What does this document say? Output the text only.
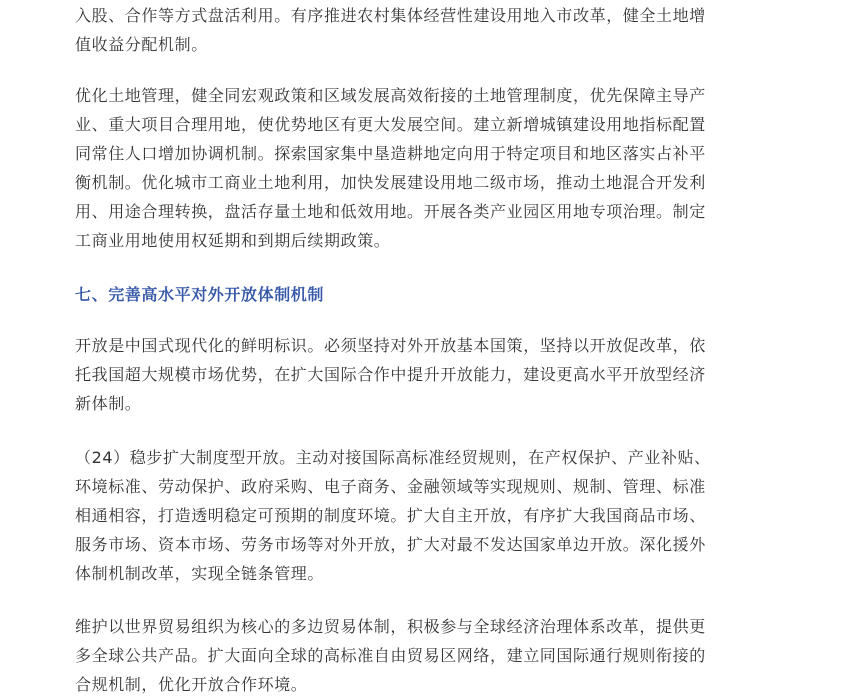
入股、合作等方式盘活利用。有序推进农村集体经营性建设用地入市改革，健全土地增
值收益分配机制。
优化土地管理，健全同宏观政策和区域发展高效衔接的土地管理制度，优先保障主导产
业、重大项目合理用地，使优势地区有更大发展空间。建立新增城镇建设用地指标配置
同常住人口增加协调机制。探索国家集中垦造耕地定向用于特定项目和地区落实占补平
衡机制。优化城市工商业土地利用，加快发展建设用地二级市场，推动土地混合开发利
用、用途合理转换，盘活存量土地和低效用地。开展各类产业园区用地专项治理。制定
工商业用地使用权延期和到期后续期政策。
七、完善高水平对外开放体制机制
开放是中国式现代化的鲜明标识。必须坚持对外开放基本国策，坚持以开放促改革，依
托我国超大规模市场优势，在扩大国际合作中提升开放能力，建设更高水平开放型经济
新体制。
（24）稳步扩大制度型开放。主动对接国际高标准经贸规则，在产权保护、产业补贴、
环境标准、劳动保护、政府采购、电子商务、金融领域等实现规则、规制、管理、标准
相通相容，打造透明稳定可预期的制度环境。扩大自主开放，有序扩大我国商品市场、
服务市场、资本市场、劳务市场等对外开放，扩大对最不发达国家单边开放。深化援外
体制机制改革，实现全链条管理。
维护以世界贸易组织为核心的多边贸易体制，积极参与全球经济治理体系改革，提供更
多全球公共产品。扩大面向全球的高标准自由贸易区网络，建立同国际通行规则衔接的
合规机制，优化开放合作环境。
